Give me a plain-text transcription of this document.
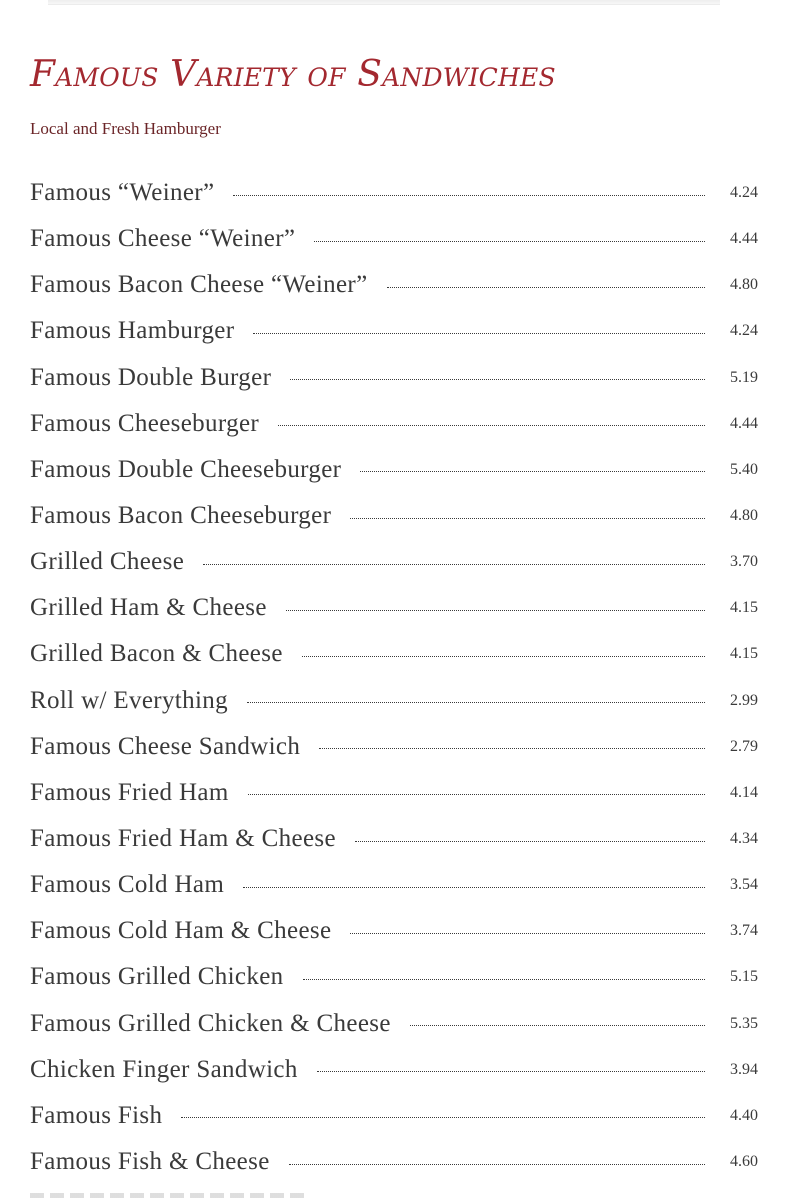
Famous Variety of Sandwiches

Local and Fresh Hamburger

Famous “Weiner”	4.24
Famous Cheese “Weiner”	4.44
Famous Bacon Cheese “Weiner”	4.80
Famous Hamburger	4.24
Famous Double Burger	5.19
Famous Cheeseburger	4.44
Famous Double Cheeseburger	5.40
Famous Bacon Cheeseburger	4.80
Grilled Cheese	3.70
Grilled Ham & Cheese	4.15
Grilled Bacon & Cheese	4.15
Roll w/ Everything	2.99
Famous Cheese Sandwich	2.79
Famous Fried Ham	4.14
Famous Fried Ham & Cheese	4.34
Famous Cold Ham	3.54
Famous Cold Ham & Cheese	3.74
Famous Grilled Chicken	5.15
Famous Grilled Chicken & Cheese	5.35
Chicken Finger Sandwich	3.94
Famous Fish	4.40
Famous Fish & Cheese	4.60
